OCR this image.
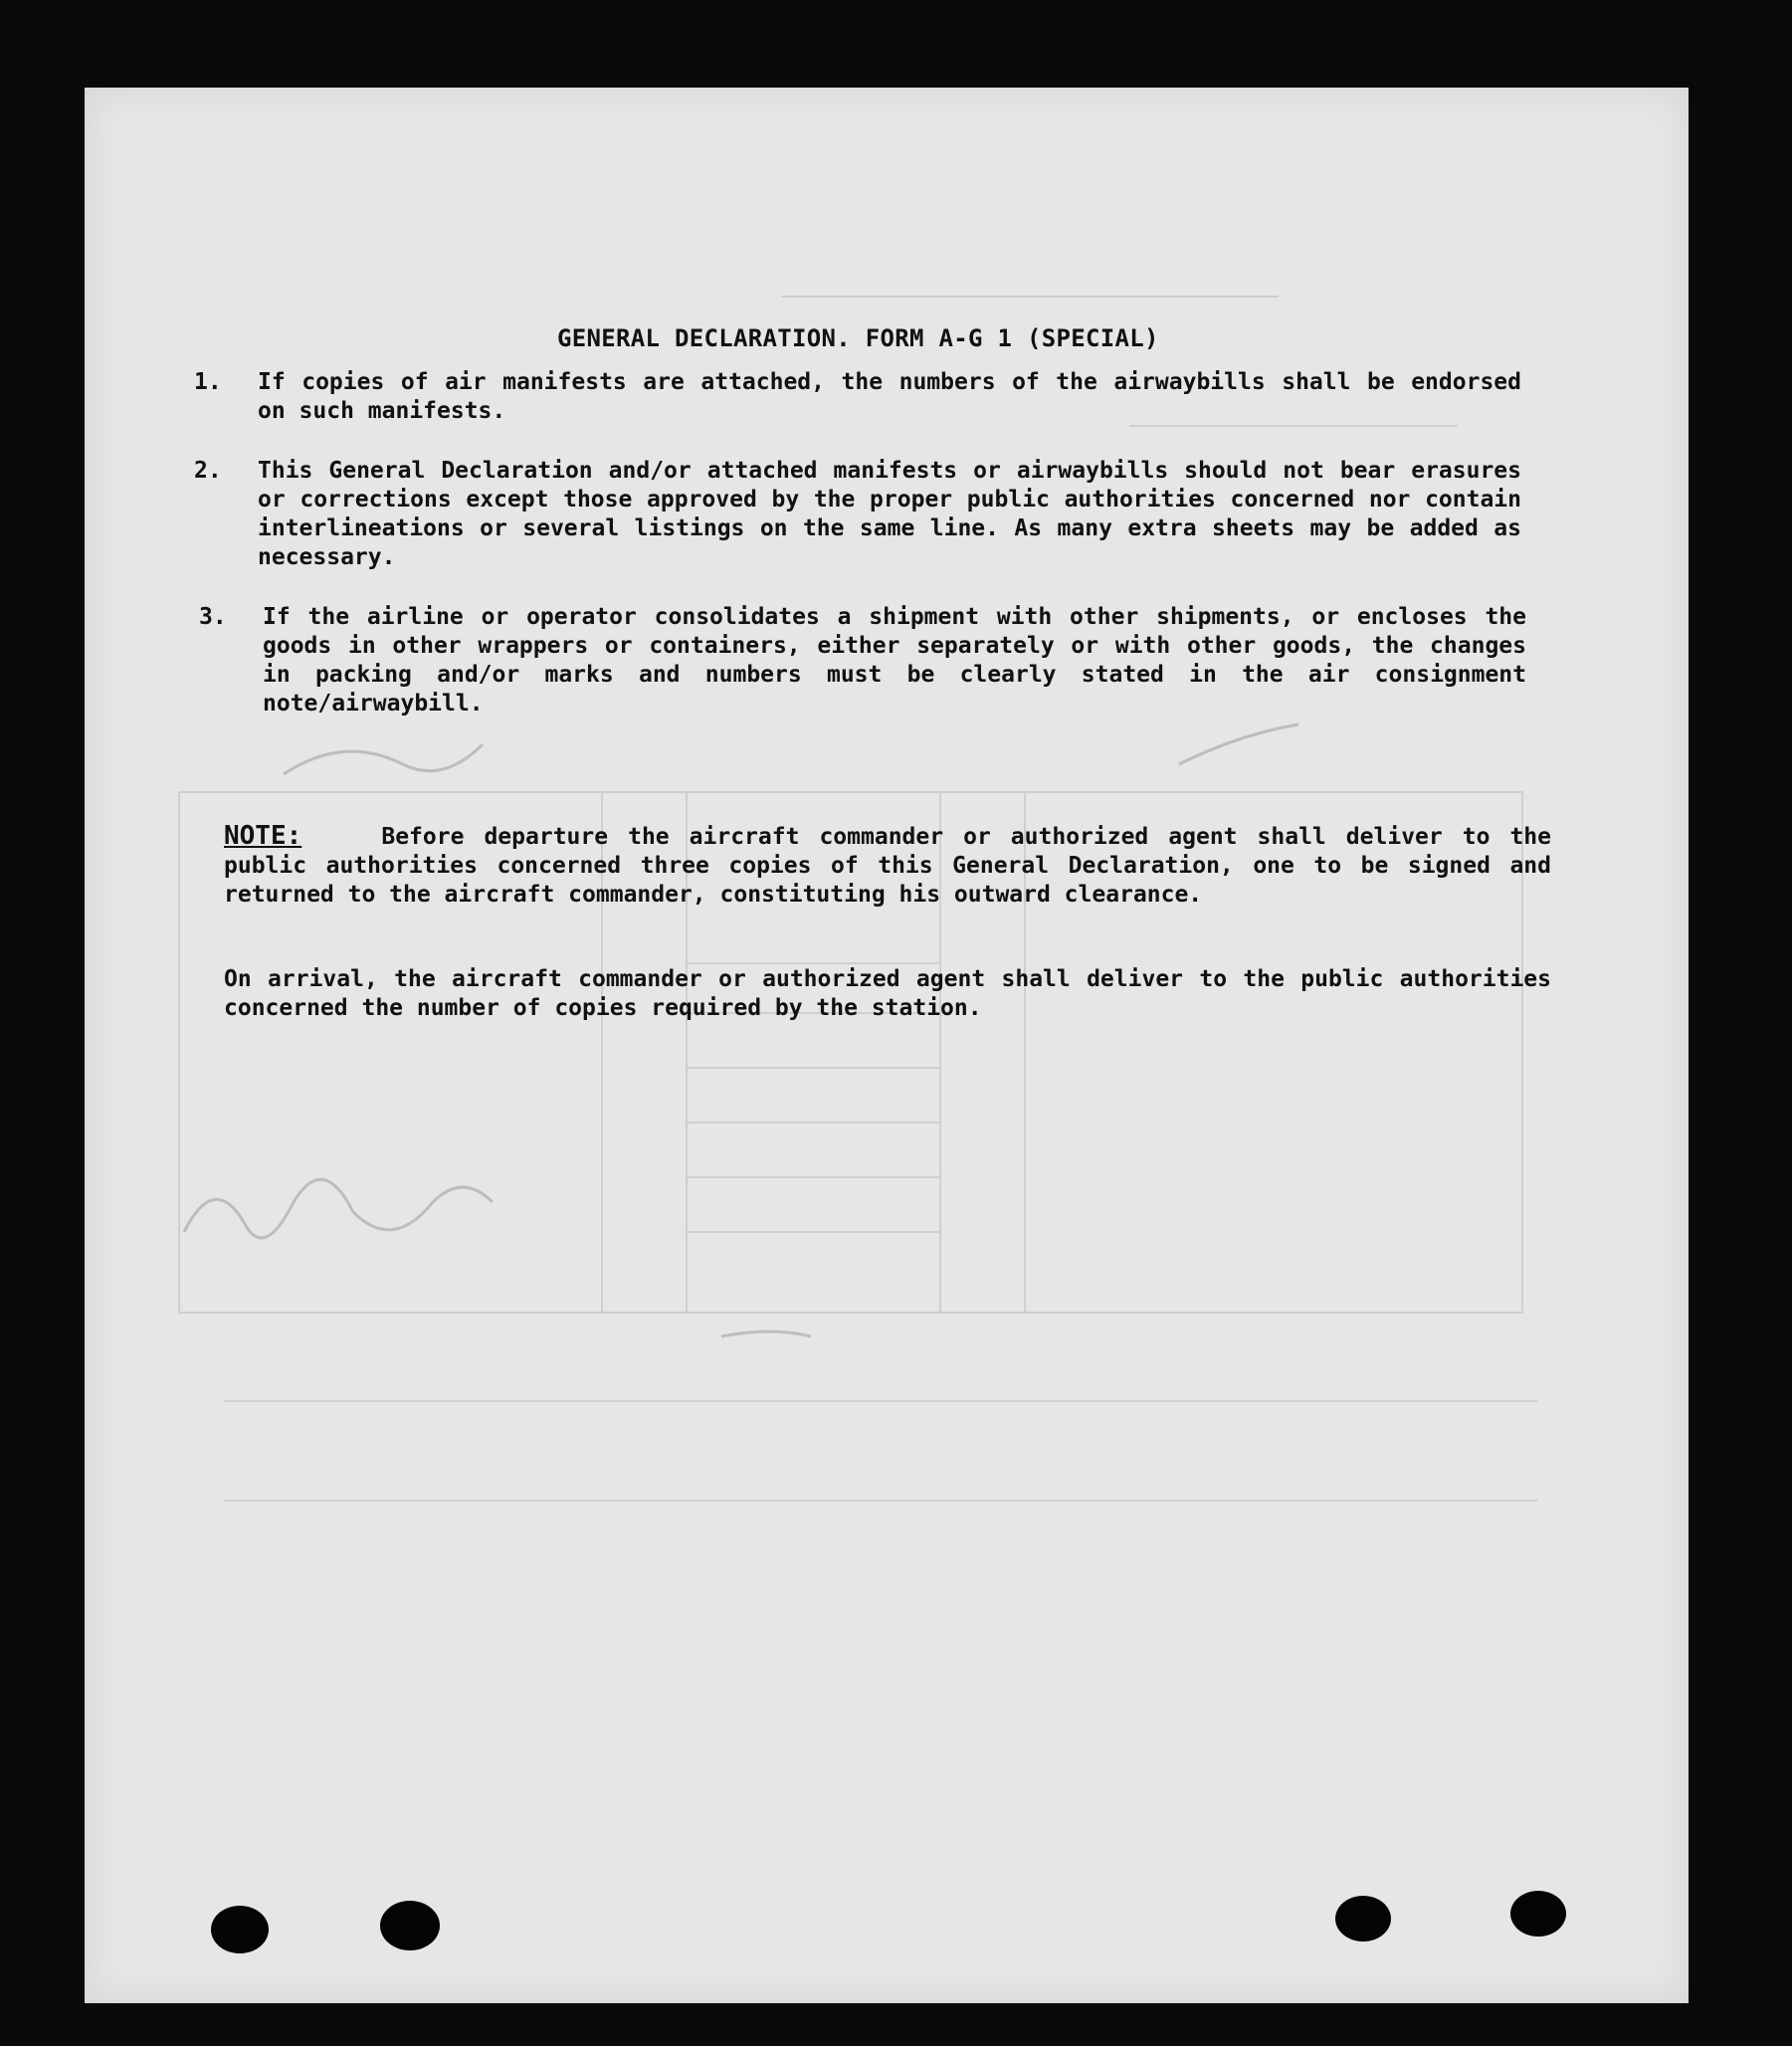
GENERAL DECLARATION. FORM A-G 1 (SPECIAL)
1. If copies of air manifests are attached, the numbers of the airwaybills shall be endorsed on such manifests.
2. This General Declaration and/or attached manifests or airwaybills should not bear erasures or corrections except those approved by the proper public authorities concerned nor contain interlineations or several listings on the same line. As many extra sheets may be added as necessary.
3. If the airline or operator consolidates a shipment with other shipments, or encloses the goods in other wrappers or containers, either separately or with other goods, the changes in packing and/or marks and numbers must be clearly stated in the air consignment note/airwaybill.
NOTE:	Before departure the aircraft commander or authorized agent shall deliver to the public authorities concerned three copies of this General Declaration, one to be signed and returned to the aircraft commander, constituting his outward clearance.
On arrival, the aircraft commander or authorized agent shall deliver to the public authorities concerned the number of copies required by the station.
